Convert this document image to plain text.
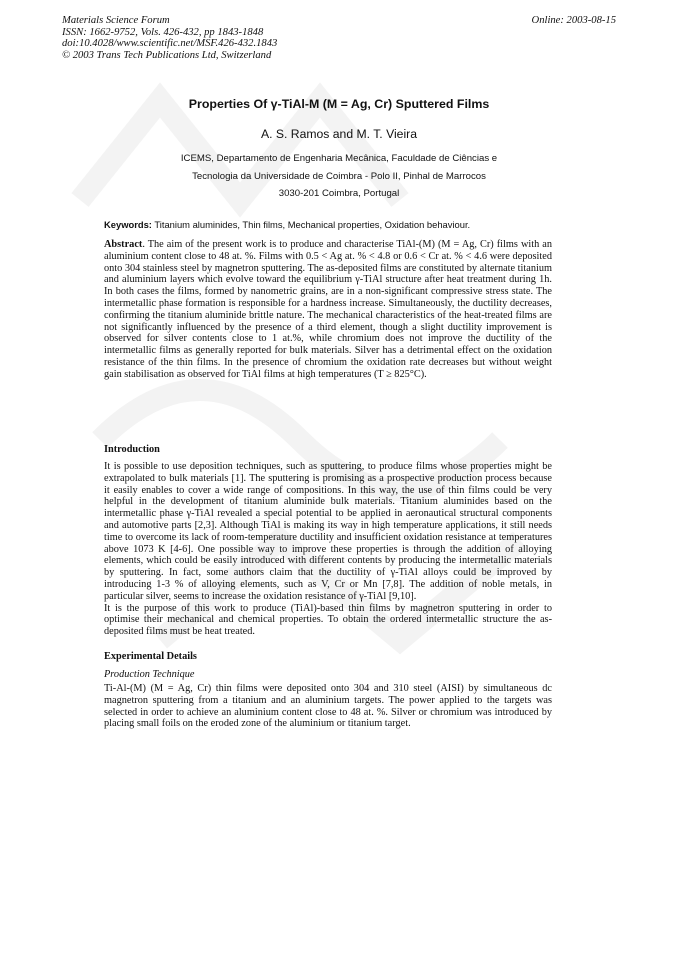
Materials Science Forum
ISSN: 1662-9752, Vols. 426-432, pp 1843-1848
doi:10.4028/www.scientific.net/MSF.426-432.1843
© 2003 Trans Tech Publications Ltd, Switzerland
Online: 2003-08-15
Properties Of γ-TiAl-M (M = Ag, Cr) Sputtered Films
A. S. Ramos and M. T. Vieira
ICEMS, Departamento de Engenharia Mecânica, Faculdade de Ciências e
Tecnologia da Universidade de Coimbra - Polo II, Pinhal de Marrocos
3030-201 Coimbra, Portugal
Keywords: Titanium aluminides, Thin films, Mechanical properties, Oxidation behaviour.
Abstract. The aim of the present work is to produce and characterise TiAl-(M) (M = Ag, Cr) films with an aluminium content close to 48 at. %. Films with 0.5 < Ag at. % < 4.8 or 0.6 < Cr at. % < 4.6 were deposited onto 304 stainless steel by magnetron sputtering. The as-deposited films are constituted by alternate titanium and aluminium layers which evolve toward the equilibrium γ-TiAl structure after heat treatment during 1h. In both cases the films, formed by nanometric grains, are in a non-significant compressive stress state. The intermetallic phase formation is responsible for a hardness increase. Simultaneously, the ductility decreases, confirming the titanium aluminide brittle nature. The mechanical characteristics of the heat-treated films are not significantly influenced by the presence of a third element, though a slight ductility improvement is observed for silver contents close to 1 at.%, while chromium does not improve the ductility of the intermetallic films as generally reported for bulk materials. Silver has a detrimental effect on the oxidation resistance of the thin films. In the presence of chromium the oxidation rate decreases but without weight gain stabilisation as observed for TiAl films at high temperatures (T ≥ 825°C).
Introduction

It is possible to use deposition techniques, such as sputtering, to produce films whose properties might be extrapolated to bulk materials [1]. The sputtering is promising as a prospective production process because it easily enables to cover a wide range of compositions. In this way, the use of thin films could be very helpful in the development of titanium aluminide bulk materials. Titanium aluminides based on the intermetallic phase γ-TiAl revealed a special potential to be applied in aeronautical structural components and automotive parts [2,3]. Although TiAl is making its way in high temperature applications, it still needs time to overcome its lack of room-temperature ductility and insufficient oxidation resistance at temperatures above 1073 K [4-6]. One possible way to improve these properties is through the addition of alloying elements, which could be easily introduced with different contents by producing the intermetallic materials by sputtering. In fact, some authors claim that the ductility of γ-TiAl alloys could be improved by introducing 1-3 % of alloying elements, such as V, Cr or Mn [7,8]. The addition of noble metals, in particular silver, seems to increase the oxidation resistance of γ-TiAl [9,10].

It is the purpose of this work to produce (TiAl)-based thin films by magnetron sputtering in order to optimise their mechanical and chemical properties. To obtain the ordered intermetallic structure the as-deposited films must be heat treated.

Experimental Details
Production Technique
Ti-Al-(M) (M = Ag, Cr) thin films were deposited onto 304 and 310 steel (AISI) by simultaneous dc magnetron sputtering from a titanium and an aluminium targets. The power applied to the targets was selected in order to achieve an aluminium content close to 48 at. %. Silver or chromium was introduced by placing small foils on the eroded zone of the aluminium or titanium target.
